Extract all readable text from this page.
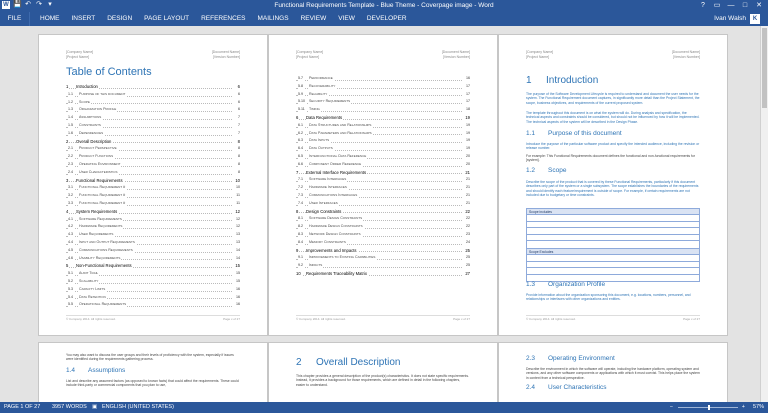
W 💾 ↶ ↷ ▾	Functional Requirements Template - Blue Theme - Coverpage image - Word	?	▭	—	□	✕
FILE	HOME	INSERT	DESIGN	PAGE LAYOUT	REFERENCES	MAILINGS	REVIEW	VIEW	DEVELOPER	Ivan Walsh	K
[Company Name]
[Project Name]
[Document Name]
[Version Number]
Table of Contents
1 Introduction	6
1.1 Purpose of this document	6
1.2 Scope	6
1.3 Organization Profile	6
1.4 Assumptions	7
1.5 Constraints	7
1.6 Dependencies	7
2 Overall Description	8
2.1 Product Perspective	8
2.2 Product Functions	8
2.3 Operating Environment	8
2.4 User Characteristics	8
3 Functional Requirements	10
3.1 Functional Requirement #	10
3.2 Functional Requirement #	11
3.3 Functional Requirement #	11
4 System Requirements	12
4.1 Software Requirements	12
4.2 Hardware Requirements	12
4.3 User Requirements	13
4.4 Input and Output Requirements	13
4.5 Communications Requirements	14
4.6 Usability Requirements	14
5 Non-Functional Requirements	15
5.1 Audit Trail	15
5.2 Scalability	15
5.3 Capacity Limits	16
5.4 Data Retention	16
5.5 Operational Requirements	16
© Company 2014. All rights reserved.	Page x of 27
[Company Name]
[Project Name]
[Document Name]
[Version Number]
5.7 Performance	16
5.8 Recoverability	17
5.9 Reliability	17
5.10 Security Requirements	17
5.11 Timing	18
6 Data Requirements	19
6.1 Data Structures and Relationships	19
6.2 Data Parameters and Relationships	19
6.3 Data Inputs	19
6.4 Data Outputs	19
6.5 Interfunctional Data Reference	20
6.6 Component Order Reference	20
7 External Interface Requirements	21
7.1 Software Interfaces	21
7.2 Hardware Interfaces	21
7.3 Communications Interfaces	21
7.4 User Interfaces	21
8 Design Constraints	22
8.1 Software Design Constraints	22
8.2 Hardware Design Constraints	22
8.3 Network Design Constraints	23
8.4 Memory Constraints	24
9 Improvements and Impacts	25
9.1 Improvements to Existing Capabilities	25
9.2 Impacts	25
10 Requirements Traceability Matrix	27
© Company 2014. All rights reserved.	Page x of 27
[Company Name]
[Project Name]
[Document Name]
[Version Number]
1 Introduction
The purpose of the Software Development Lifecycle is required to understand and document the user needs for the system. The Functional Requirement document captures, in significantly more detail than the Project Statement, the scope, business objectives, and requirements of the current proposed system.
The template throughout this document is on what the system will do. During analysis and specification, the technical aspects and constraints should be considered, but should not be influenced by how it will be implemented. The technical aspects of the system will be described in the Design Phase.
1.1 Purpose of this document
Introduce the purpose of the particular software product and specify the intended audience, including the revision or release number.
For example: This Functional Requirements document defines the functional and non-functional requirements for [system].
1.2 Scope
Describe the scope of the product that is covered by these Functional Requirements, particularly if this document describes only part of the system or a single subsystem. The scope establishes the boundaries of the requirements and should identify each feature/requirement is outside of scope. For example, if certain requirements are not included due to budgetary or time constraints.
Scope includes
Scope Excludes
1.3 Organization Profile
Provide information about the organization sponsoring this document, e.g. locations, numbers, personnel, and relationships or interfaces with other organizations and entities.
© Company 2014. All rights reserved.	Page x of 27
You may also want to discuss the user groups and their levels of proficiency with the system, especially if issues were identified during the requirements gathering process.
1.4 Assumptions
List and describe any assumed factors (as opposed to known facts) that could affect the requirements. These could include third-party or commercial components that you plan to use,
2 Overall Description
This chapter provides a general description of the product(s) characteristics. It does not state specific requirements. Instead, it provides a background for those requirements, which are defined in detail in the following chapters, easier to understand.
2.3 Operating Environment
Describe the environment in which the software will operate, including the hardware platform, operating system and versions, and any other software components or applications with which it must coexist. This helps place the system in context from a technical perspective.
2.4 User Characteristics
PAGE 1 OF 27 3957 WORDS ▣ ENGLISH (UNITED STATES)	−	+ 57%
